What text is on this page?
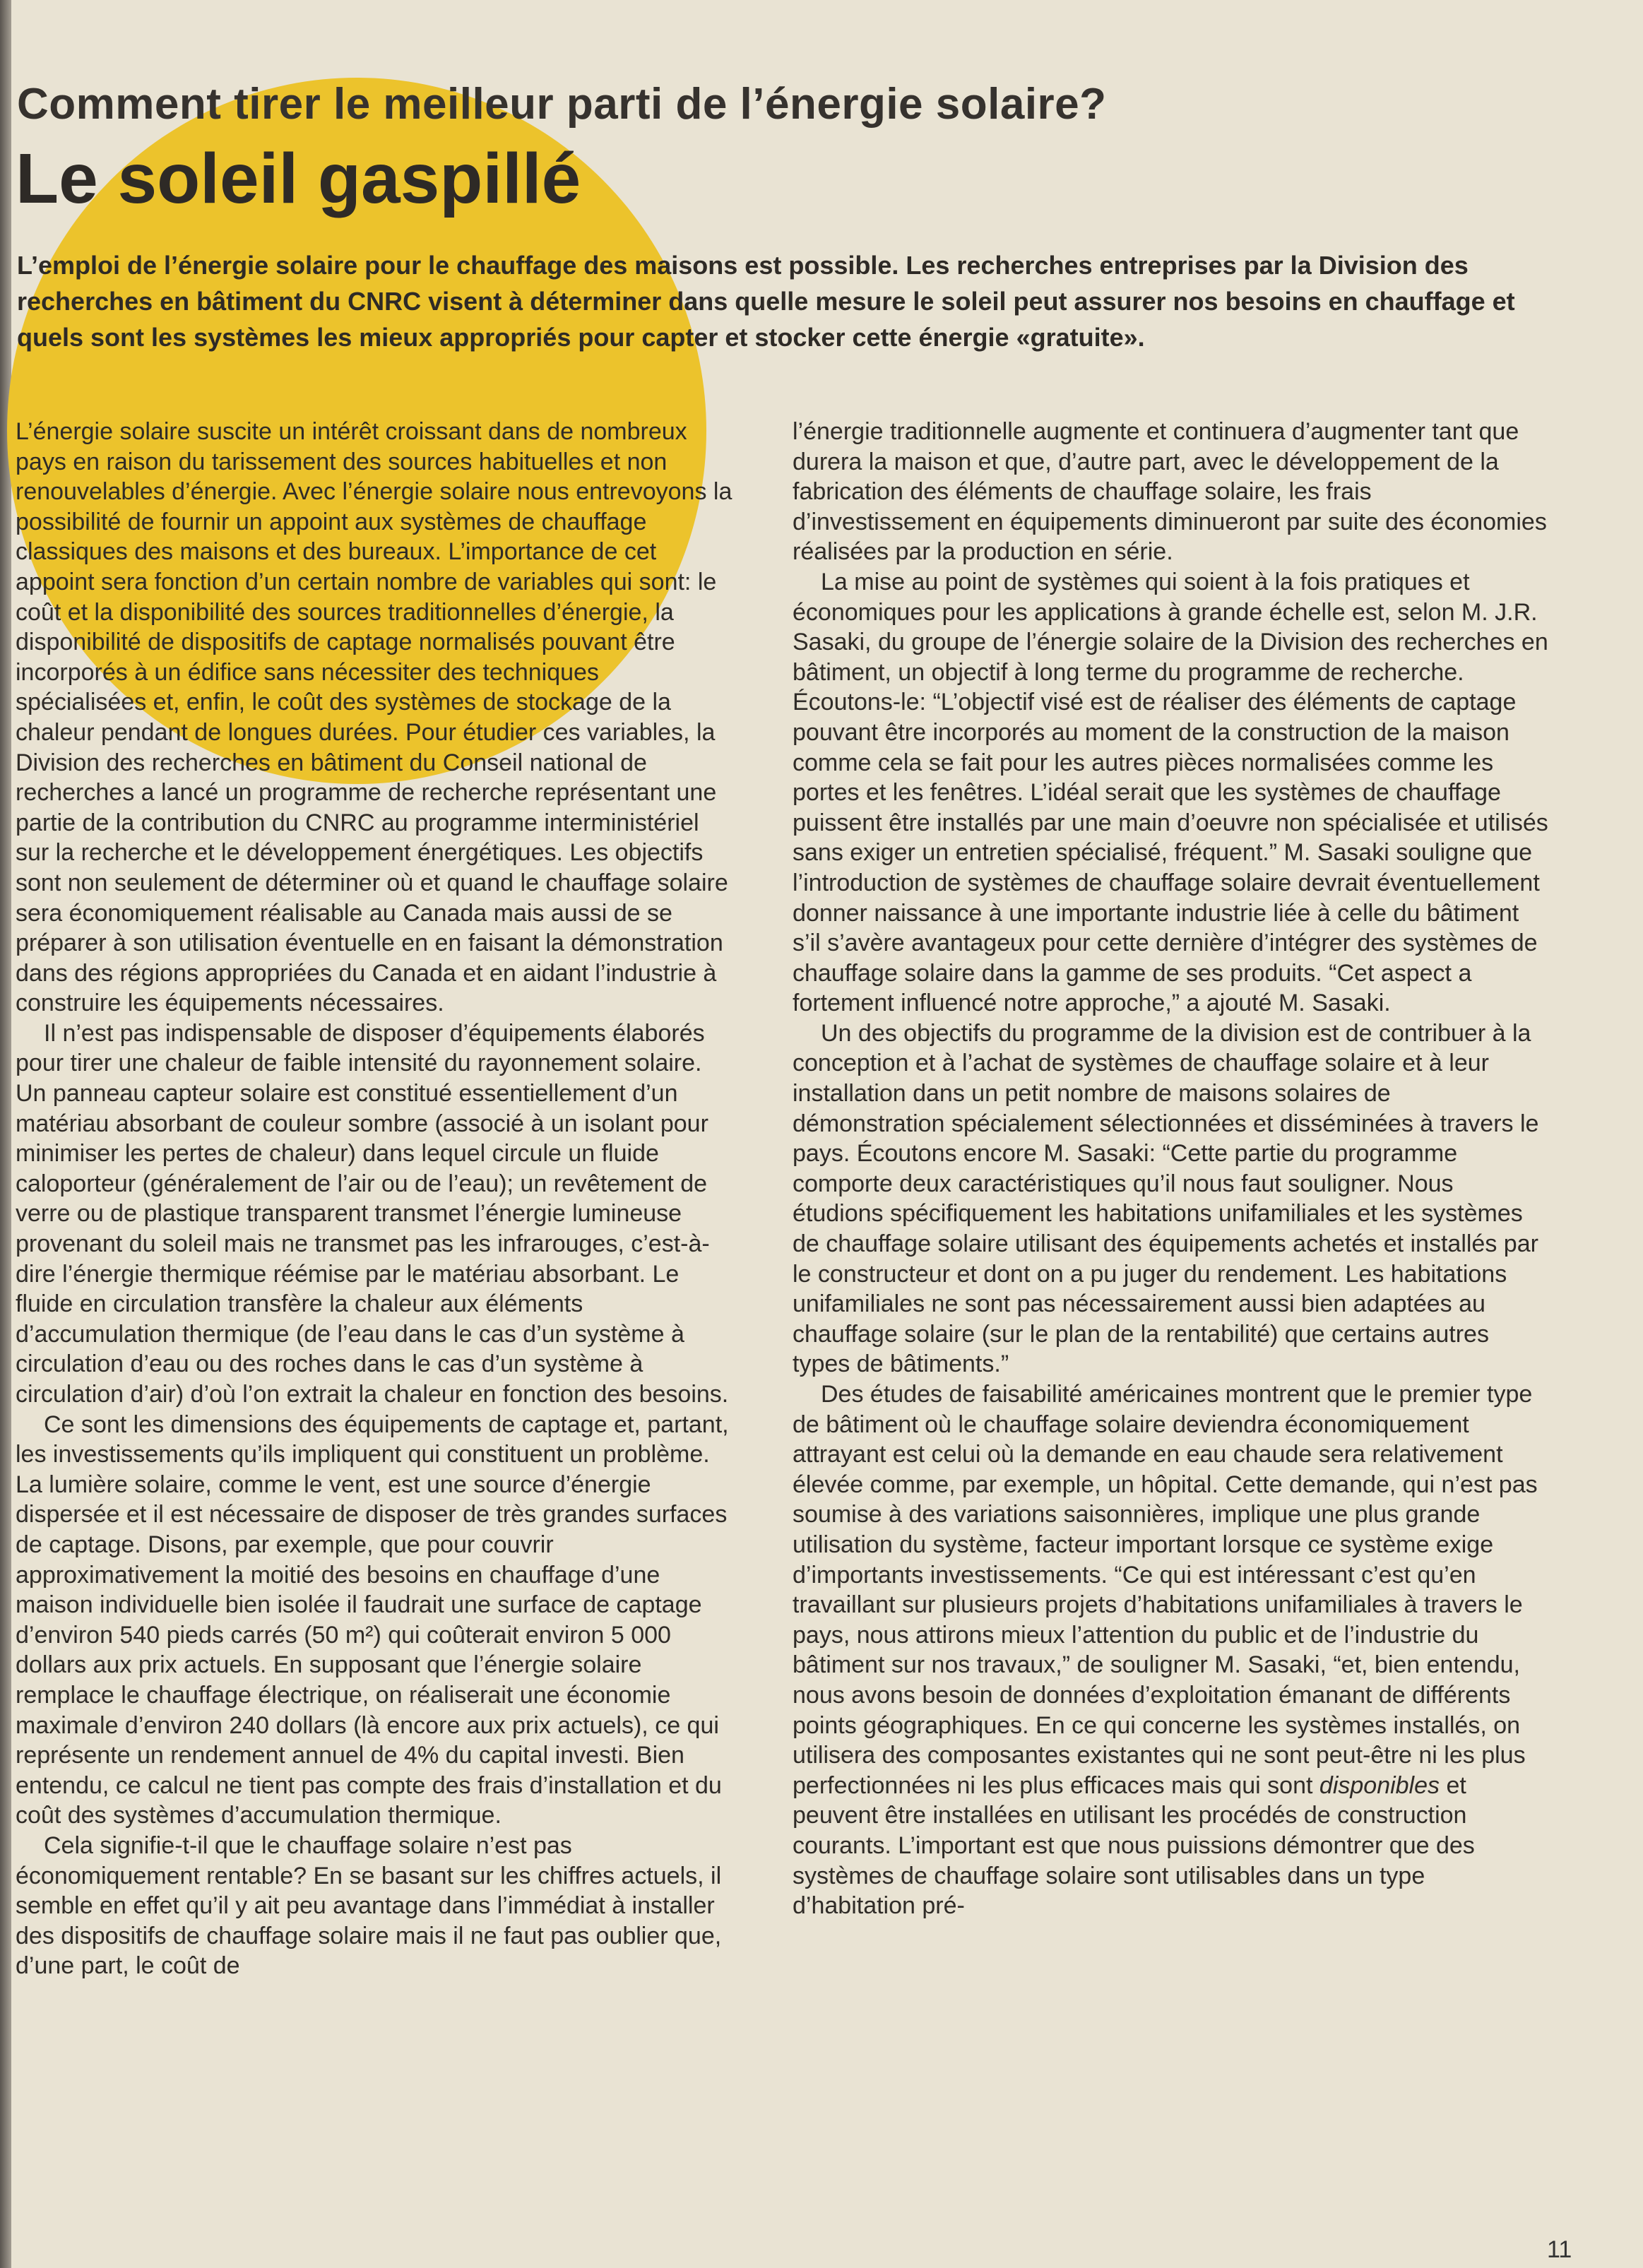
Comment tirer le meilleur parti de l’énergie solaire?
Le soleil gaspillé

L’emploi de l’énergie solaire pour le chauffage des maisons est possible. Les recherches entreprises par la Division des recherches en bâtiment du CNRC visent à déterminer dans quelle mesure le soleil peut assurer nos besoins en chauffage et quels sont les systèmes les mieux appropriés pour capter et stocker cette énergie «gratuite».

L’énergie solaire suscite un intérêt croissant dans de nombreux pays en raison du tarissement des sources habituelles et non renouvelables d’énergie. Avec l’énergie solaire nous entrevoyons la possibilité de fournir un appoint aux systèmes de chauffage classiques des maisons et des bureaux. L’importance de cet appoint sera fonction d’un certain nombre de variables qui sont: le coût et la disponibilité des sources traditionnelles d’énergie, la disponibilité de dispositifs de captage normalisés pouvant être incorporés à un édifice sans nécessiter des techniques spécialisées et, enfin, le coût des systèmes de stockage de la chaleur pendant de longues durées. Pour étudier ces variables, la Division des recherches en bâtiment du Conseil national de recherches a lancé un programme de recherche représentant une partie de la contribution du CNRC au programme interministériel sur la recherche et le développement énergétiques. Les objectifs sont non seulement de déterminer où et quand le chauffage solaire sera économiquement réalisable au Canada mais aussi de se préparer à son utilisation éventuelle en en faisant la démonstration dans des régions appropriées du Canada et en aidant l’industrie à construire les équipements nécessaires.

Il n’est pas indispensable de disposer d’équipements élaborés pour tirer une chaleur de faible intensité du rayonnement solaire. Un panneau capteur solaire est constitué essentiellement d’un matériau absorbant de couleur sombre (associé à un isolant pour minimiser les pertes de chaleur) dans lequel circule un fluide caloporteur (généralement de l’air ou de l’eau); un revêtement de verre ou de plastique transparent transmet l’énergie lumineuse provenant du soleil mais ne transmet pas les infrarouges, c’est-à-dire l’énergie thermique réémise par le matériau absorbant. Le fluide en circulation transfère la chaleur aux éléments d’accumulation thermique (de l’eau dans le cas d’un système à circulation d’eau ou des roches dans le cas d’un système à circulation d’air) d’où l’on extrait la chaleur en fonction des besoins.

Ce sont les dimensions des équipements de captage et, partant, les investissements qu’ils impliquent qui constituent un problème. La lumière solaire, comme le vent, est une source d’énergie dispersée et il est nécessaire de disposer de très grandes surfaces de captage. Disons, par exemple, que pour couvrir approximativement la moitié des besoins en chauffage d’une maison individuelle bien isolée il faudrait une surface de captage d’environ 540 pieds carrés (50 m²) qui coûterait environ 5 000 dollars aux prix actuels. En supposant que l’énergie solaire remplace le chauffage électrique, on réaliserait une économie maximale d’environ 240 dollars (là encore aux prix actuels), ce qui représente un rendement annuel de 4% du capital investi. Bien entendu, ce calcul ne tient pas compte des frais d’installation et du coût des systèmes d’accumulation thermique.

Cela signifie-t-il que le chauffage solaire n’est pas économiquement rentable? En se basant sur les chiffres actuels, il semble en effet qu’il y ait peu avantage dans l’immédiat à installer des dispositifs de chauffage solaire mais il ne faut pas oublier que, d’une part, le coût de

l’énergie traditionnelle augmente et continuera d’augmenter tant que durera la maison et que, d’autre part, avec le développement de la fabrication des éléments de chauffage solaire, les frais d’investissement en équipements diminueront par suite des économies réalisées par la production en série.

La mise au point de systèmes qui soient à la fois pratiques et économiques pour les applications à grande échelle est, selon M. J.R. Sasaki, du groupe de l’énergie solaire de la Division des recherches en bâtiment, un objectif à long terme du programme de recherche. Écoutons-le: “L’objectif visé est de réaliser des éléments de captage pouvant être incorporés au moment de la construction de la maison comme cela se fait pour les autres pièces normalisées comme les portes et les fenêtres. L’idéal serait que les systèmes de chauffage puissent être installés par une main d’oeuvre non spécialisée et utilisés sans exiger un entretien spécialisé, fréquent.” M. Sasaki souligne que l’introduction de systèmes de chauffage solaire devrait éventuellement donner naissance à une importante industrie liée à celle du bâtiment s’il s’avère avantageux pour cette dernière d’intégrer des systèmes de chauffage solaire dans la gamme de ses produits. “Cet aspect a fortement influencé notre approche,” a ajouté M. Sasaki.

Un des objectifs du programme de la division est de contribuer à la conception et à l’achat de systèmes de chauffage solaire et à leur installation dans un petit nombre de maisons solaires de démonstration spécialement sélectionnées et disséminées à travers le pays. Écoutons encore M. Sasaki: “Cette partie du programme comporte deux caractéristiques qu’il nous faut souligner. Nous étudions spécifiquement les habitations unifamiliales et les systèmes de chauffage solaire utilisant des équipements achetés et installés par le constructeur et dont on a pu juger du rendement. Les habitations unifamiliales ne sont pas nécessairement aussi bien adaptées au chauffage solaire (sur le plan de la rentabilité) que certains autres types de bâtiments.”

Des études de faisabilité américaines montrent que le premier type de bâtiment où le chauffage solaire deviendra économiquement attrayant est celui où la demande en eau chaude sera relativement élevée comme, par exemple, un hôpital. Cette demande, qui n’est pas soumise à des variations saisonnières, implique une plus grande utilisation du système, facteur important lorsque ce système exige d’importants investissements. “Ce qui est intéressant c’est qu’en travaillant sur plusieurs projets d’habitations unifamiliales à travers le pays, nous attirons mieux l’attention du public et de l’industrie du bâtiment sur nos travaux,” de souligner M. Sasaki, “et, bien entendu, nous avons besoin de données d’exploitation émanant de différents points géographiques. En ce qui concerne les systèmes installés, on utilisera des composantes existantes qui ne sont peut-être ni les plus perfectionnées ni les plus efficaces mais qui sont disponibles et peuvent être installées en utilisant les procédés de construction courants. L’important est que nous puissions démontrer que des systèmes de chauffage solaire sont utilisables dans un type d’habitation pré-

11
